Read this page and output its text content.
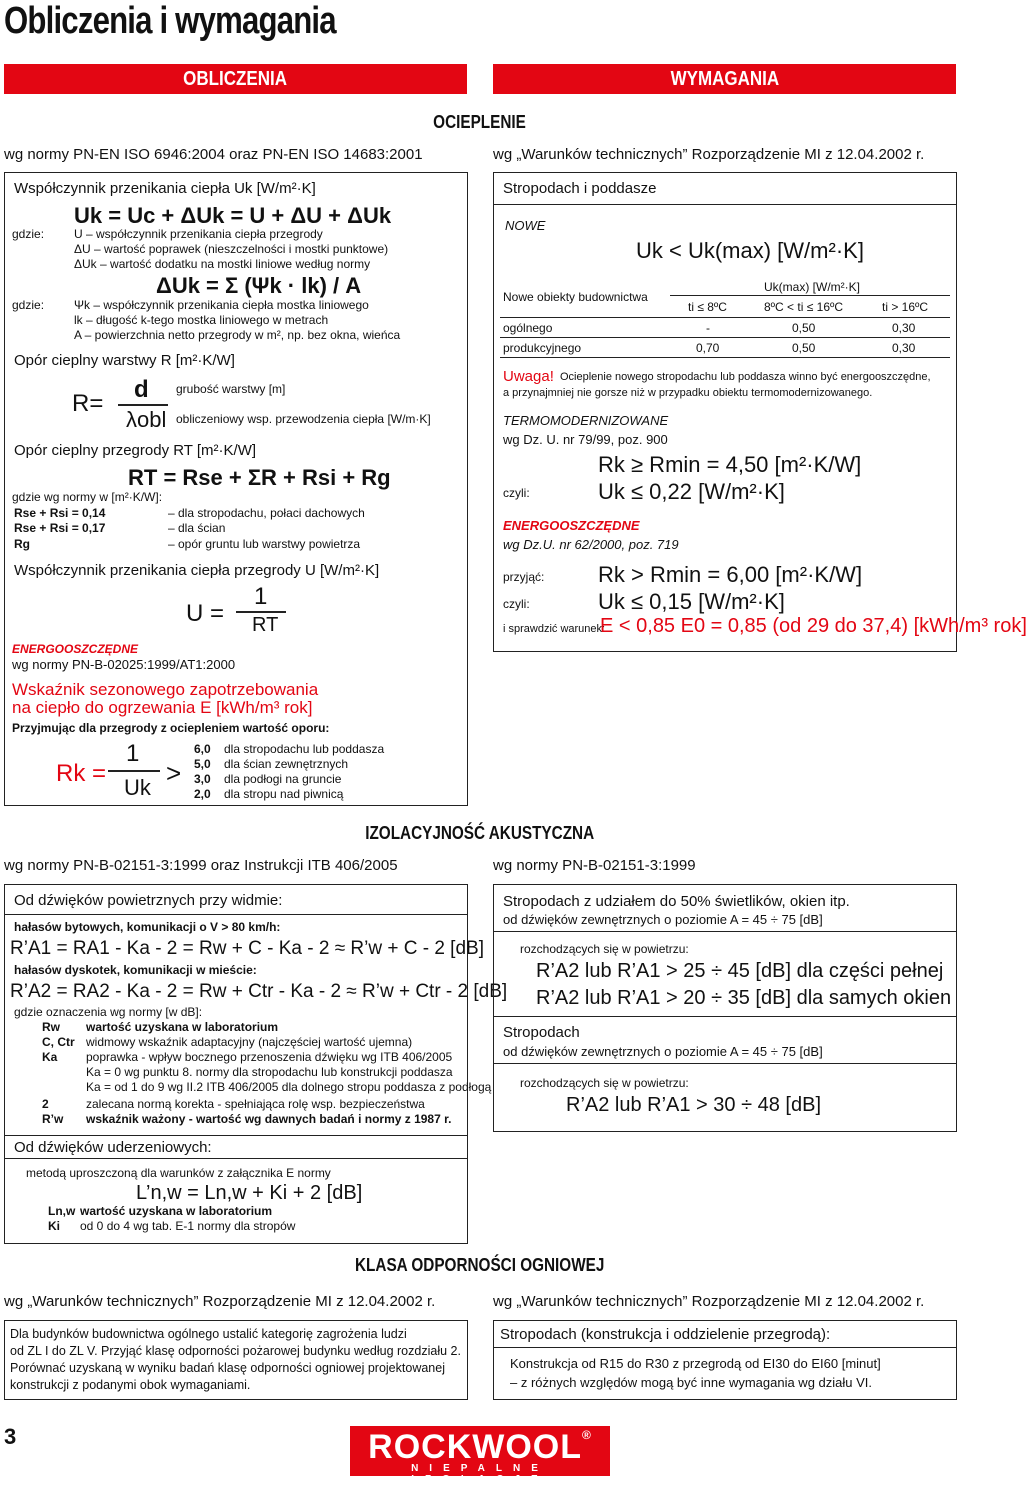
Obliczenia i wymagania
OBLICZENIA	WYMAGANIA
OCIEPLENIE
wg normy PN-EN ISO 6946:2004 oraz PN-EN ISO 14683:2001
Współczynnik przenikania ciepła Uk [W/m²·K]
Uk = Uc + ΔUk = U + ΔU + ΔUk
gdzie: U – współczynnik przenikania ciepła przegrody
ΔU – wartość poprawek (nieszczelności i mostki punktowe)
ΔUk – wartość dodatku na mostki liniowe według normy
ΔUk = Σ (Ψk · lk) / A
gdzie: Ψk – współczynnik przenikania ciepła mostka liniowego
lk – długość k-tego mostka liniowego w metrach
A – powierzchnia netto przegrody w m², np. bez okna, wieńca
Opór cieplny warstwy R [m²·K/W]
R=
d
λobl
grubość warstwy [m]
obliczeniowy wsp. przewodzenia ciepła [W/m·K]
Opór cieplny przegrody RT [m²·K/W]
RT = Rse + ΣR + Rsi + Rg
gdzie wg normy w [m²·K/W]:
Rse + Rsi = 0,14	– dla stropodachu, połaci dachowych
Rse + Rsi = 0,17	– dla ścian
Rg	– opór gruntu lub warstwy powietrza
Współczynnik przenikania ciepła przegrody U [W/m²·K]
U =
1
RT
ENERGOOSZCZĘDNE
wg normy PN-B-02025:1999/AT1:2000
Wskaźnik sezonowego zapotrzebowania
na ciepło do ogrzewania E [kWh/m³ rok]
Przyjmując dla przegrody z ociepleniem wartość oporu:
Rk =
1
Uk >
6,0 dla stropodachu lub poddasza
5,0 dla ścian zewnętrznych
3,0 dla podłogi na gruncie
2,0 dla stropu nad piwnicą
wg „Warunków technicznych” Rozporządzenie MI z 12.04.2002 r.
Stropodach i poddasze
NOWE
Uk < Uk(max) [W/m²·K]
Nowe obiekty budownictwa
Uk(max) [W/m²·K]
ti ≤ 8ºC	8ºC < ti ≤ 16ºC	ti > 16ºC
ogólnego	-	0,50	0,30
produkcyjnego	0,70	0,50	0,30
Uwaga! Ocieplenie nowego stropodachu lub poddasza winno być energooszczędne,
a przynajmniej nie gorsze niż w przypadku obiektu termomodernizowanego.
TERMOMODERNIZOWANE
wg Dz. U. nr 79/99, poz. 900
Rk ≥ Rmin = 4,50 [m²·K/W]
czyli:	Uk ≤ 0,22 [W/m²·K]
ENERGOOSZCZĘDNE
wg Dz.U. nr 62/2000, poz. 719
przyjąć: Rk > Rmin = 6,00 [m²·K/W]
czyli:	Uk ≤ 0,15 [W/m²·K]
i sprawdzić warunek:
E < 0,85 E0 = 0,85 (od 29 do 37,4) [kWh/m³ rok]
IZOLACYJNOŚĆ AKUSTYCZNA
wg normy PN-B-02151-3:1999 oraz Instrukcji ITB 406/2005	wg normy PN-B-02151-3:1999
Od dźwięków powietrznych przy widmie:
hałasów bytowych, komunikacji o V > 80 km/h:
R’A1 = RA1 - Ka - 2 = Rw + C - Ka - 2 ≈ R’w + C - 2 [dB]
hałasów dyskotek, komunikacji w mieście:
R’A2 = RA2 - Ka - 2 = Rw + Ctr - Ka - 2 ≈ R’w + Ctr - 2 [dB]
gdzie oznaczenia wg normy [w dB]:
Rw wartość uzyskana w laboratorium
C, Ctr widmowy wskaźnik adaptacyjny (najczęściej wartość ujemna)
Ka poprawka - wpływ bocznego przenoszenia dźwięku wg ITB 406/2005
Ka = 0 wg punktu 8. normy dla stropodachu lub konstrukcji poddasza
Ka = od 1 do 9 wg II.2 ITB 406/2005 dla dolnego stropu poddasza z podłogą
2	zalecana normą korekta - spełniająca rolę wsp. bezpieczeństwa
R’w wskaźnik ważony - wartość wg dawnych badań i normy z 1987 r.
Od dźwięków uderzeniowych:
metodą uproszczoną dla warunków z załącznika E normy
L’n,w = Ln,w + Ki + 2 [dB]
Ln,w wartość uzyskana w laboratorium
Ki od 0 do 4 wg tab. E-1 normy dla stropów
Stropodach z udziałem do 50% świetlików, okien itp.
od dźwięków zewnętrznych o poziomie A = 45 ÷ 75 [dB]
rozchodzących się w powietrzu:
R’A2 lub R’A1 > 25 ÷ 45 [dB] dla części pełnej
R’A2 lub R’A1 > 20 ÷ 35 [dB] dla samych okien
Stropodach
od dźwięków zewnętrznych o poziomie A = 45 ÷ 75 [dB]
rozchodzących się w powietrzu:
R’A2 lub R’A1 > 30 ÷ 48 [dB]
KLASA ODPORNOŚCI OGNIOWEJ
wg „Warunków technicznych” Rozporządzenie MI z 12.04.2002 r.	wg „Warunków technicznych” Rozporządzenie MI z 12.04.2002 r.
Dla budynków budownictwa ogólnego ustalić kategorię zagrożenia ludzi
od ZL I do ZL V. Przyjąć klasę odporności pożarowej budynku według rozdziału 2.
Porównać uzyskaną w wyniku badań klasę odporności ogniowej projektowanej
konstrukcji z podanymi obok wymaganiami.
Stropodach (konstrukcja i oddzielenie przegrodą):
Konstrukcja od R15 do R30 z przegrodą od EI30 do EI60 [minut]
– z różnych względów mogą być inne wymagania wg działu VI.
3	ROCKWOOL®
NIEPALNE IZOLACJE
